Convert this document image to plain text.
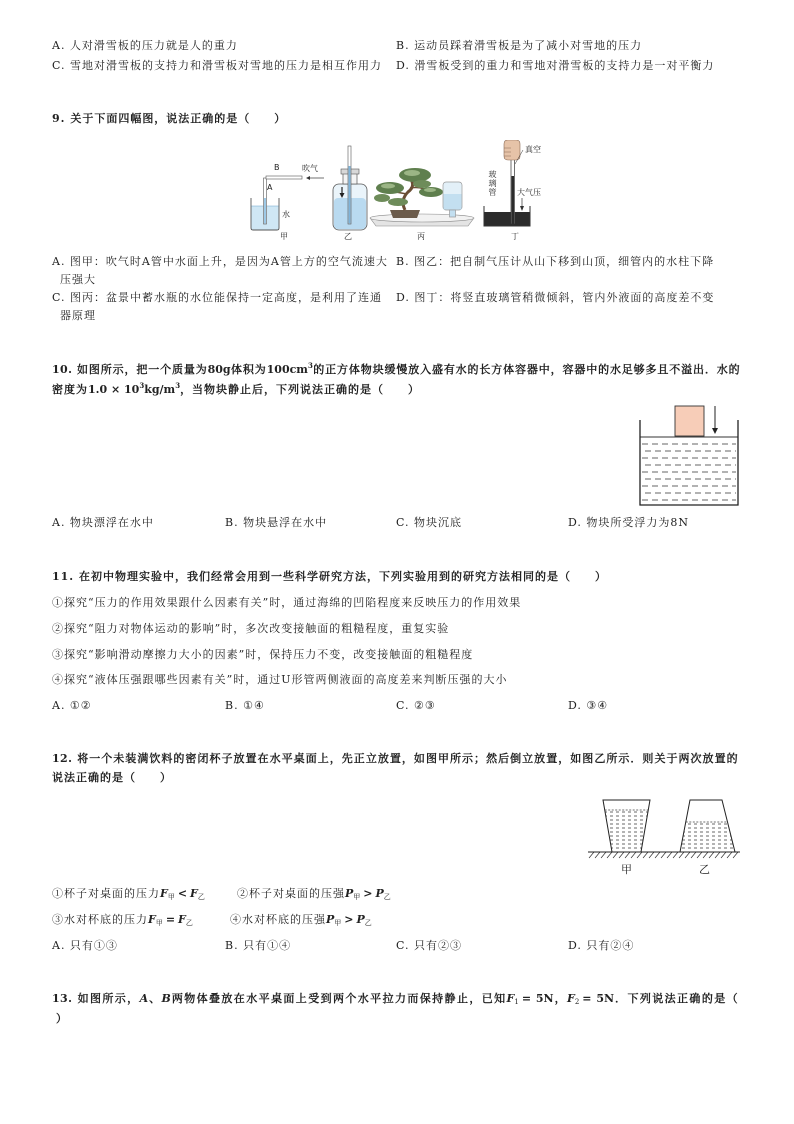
A. 人对滑雪板的压力就是人的重力	B. 运动员踩着滑雪板是为了减小对雪地的压力
C. 雪地对滑雪板的支持力和滑雪板对雪地的压力是相互作用力 D. 滑雪板受到的重力和雪地对滑雪板的支持力是一对平衡力
9. 关于下面四幅图，说法正确的是（　　）
B	吹气
A
水
甲	乙	丙	丁
真空
玻璃管	大气压
A. 图甲：吹气时A管中水面上升，是因为A管上方的空气流速大
压强大
B. 图乙：把自制气压计从山下移到山顶，细管内的水柱下降
C. 图丙：盆景中蓄水瓶的水位能保持一定高度，是利用了连通
器原理
D. 图丁：将竖直玻璃管稍微倾斜，管内外液面的高度差不变
10. 如图所示，把一个质量为80g体积为$100cm^3$的正方体物块缓慢放入盛有水的长方体容器中，容器中的水足够多且不溢出．水的
密度为$1.0 \times 10^3kg/m^3$，当物块静止后，下列说法正确的是（　　）
A. 物块漂浮在水中	B. 物块悬浮在水中	C. 物块沉底	D. 物块所受浮力为8N
11. 在初中物理实验中，我们经常会用到一些科学研究方法，下列实验用到的研究方法相同的是（　　）
①探究“压力的作用效果跟什么因素有关”时，通过海绵的凹陷程度来反映压力的作用效果
②探究“阻力对物体运动的影响”时，多次改变接触面的粗糙程度，重复实验
③探究“影响滑动摩擦力大小的因素”时，保持压力不变，改变接触面的粗糙程度
④探究“液体压强跟哪些因素有关”时，通过U形管两侧液面的高度差来判断压强的大小
A. ①②	B. ①④	C. ②③	D. ③④
12. 将一个未装满饮料的密闭杯子放置在水平桌面上，先正立放置，如图甲所示；然后倒立放置，如图乙所示．则关于两次放置的
说法正确的是（　　）
甲	乙
①杯子对桌面的压力$F_甲 < F_乙$	②杯子对桌面的压强$P_甲 > P_乙$
③水对杯底的压力$F_甲 = F_乙$	④水对杯底的压强$P_甲 > P_乙$
A. 只有①③	B. 只有①④	C. 只有②③	D. 只有②④
13. 如图所示，A、B两物体叠放在水平桌面上受到两个水平拉力而保持静止，已知$F_1 = 5N$，$F_2 = 5N$．下列说法正确的是（
）
